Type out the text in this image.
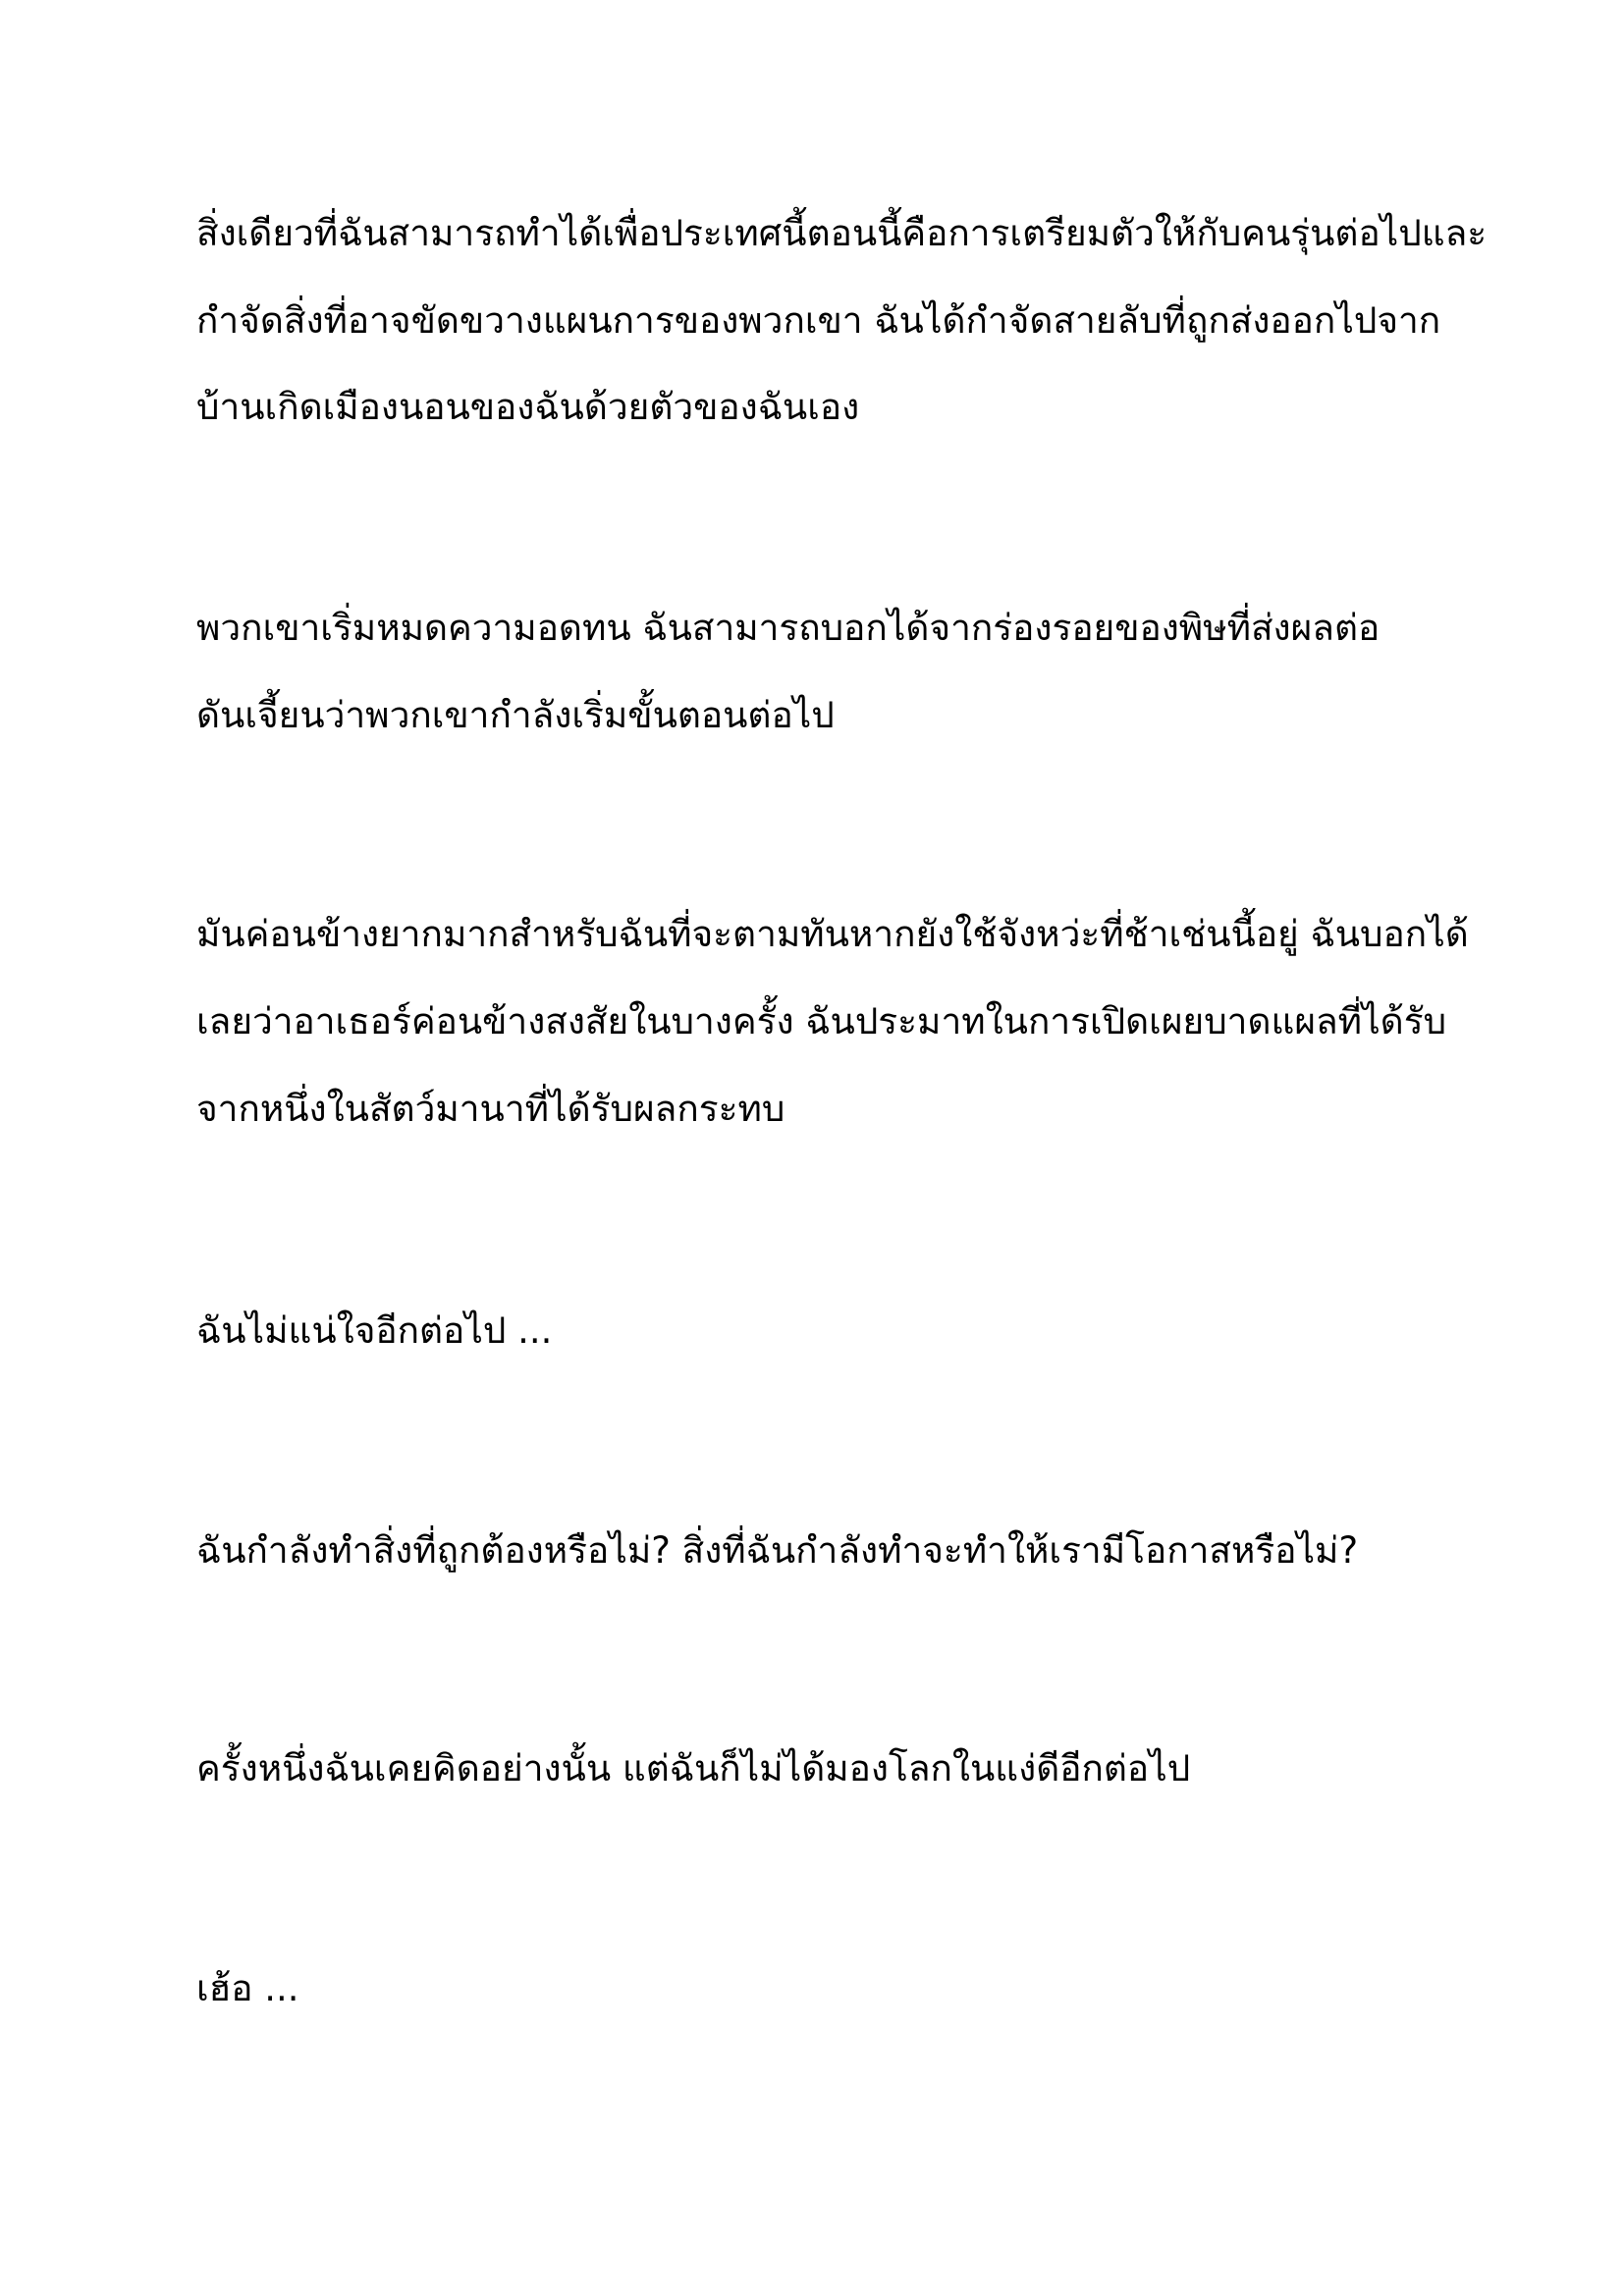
สิ่งเดียวที่ฉันสามารถทำได้เพื่อประเทศนี้ตอนนี้คือการเตรียมตัวให้กับคนรุ่นต่อไปและ
กำจัดสิ่งที่อาจขัดขวางแผนการของพวกเขา ฉันได้กำจัดสายลับที่ถูกส่งออกไปจาก
บ้านเกิดเมืองนอนของฉันด้วยตัวของฉันเอง
พวกเขาเริ่มหมดความอดทน ฉันสามารถบอกได้จากร่องรอยของพิษที่ส่งผลต่อ
ดันเจี้ยนว่าพวกเขากำลังเริ่มขั้นตอนต่อไป
มันค่อนข้างยากมากสำหรับฉันที่จะตามทันหากยังใช้จังหว่ะที่ช้าเช่นนี้อยู่ ฉันบอกได้
เลยว่าอาเธอร์ค่อนข้างสงสัยในบางครั้ง ฉันประมาทในการเปิดเผยบาดแผลที่ได้รับ
จากหนึ่งในสัตว์มานาที่ได้รับผลกระทบ
ฉันไม่แน่ใจอีกต่อไป ...
ฉันกำลังทำสิ่งที่ถูกต้องหรือไม่? สิ่งที่ฉันกำลังทำจะทำให้เรามีโอกาสหรือไม่?
ครั้งหนึ่งฉันเคยคิดอย่างนั้น แต่ฉันก็ไม่ได้มองโลกในแง่ดีอีกต่อไป
เฮ้อ ...
